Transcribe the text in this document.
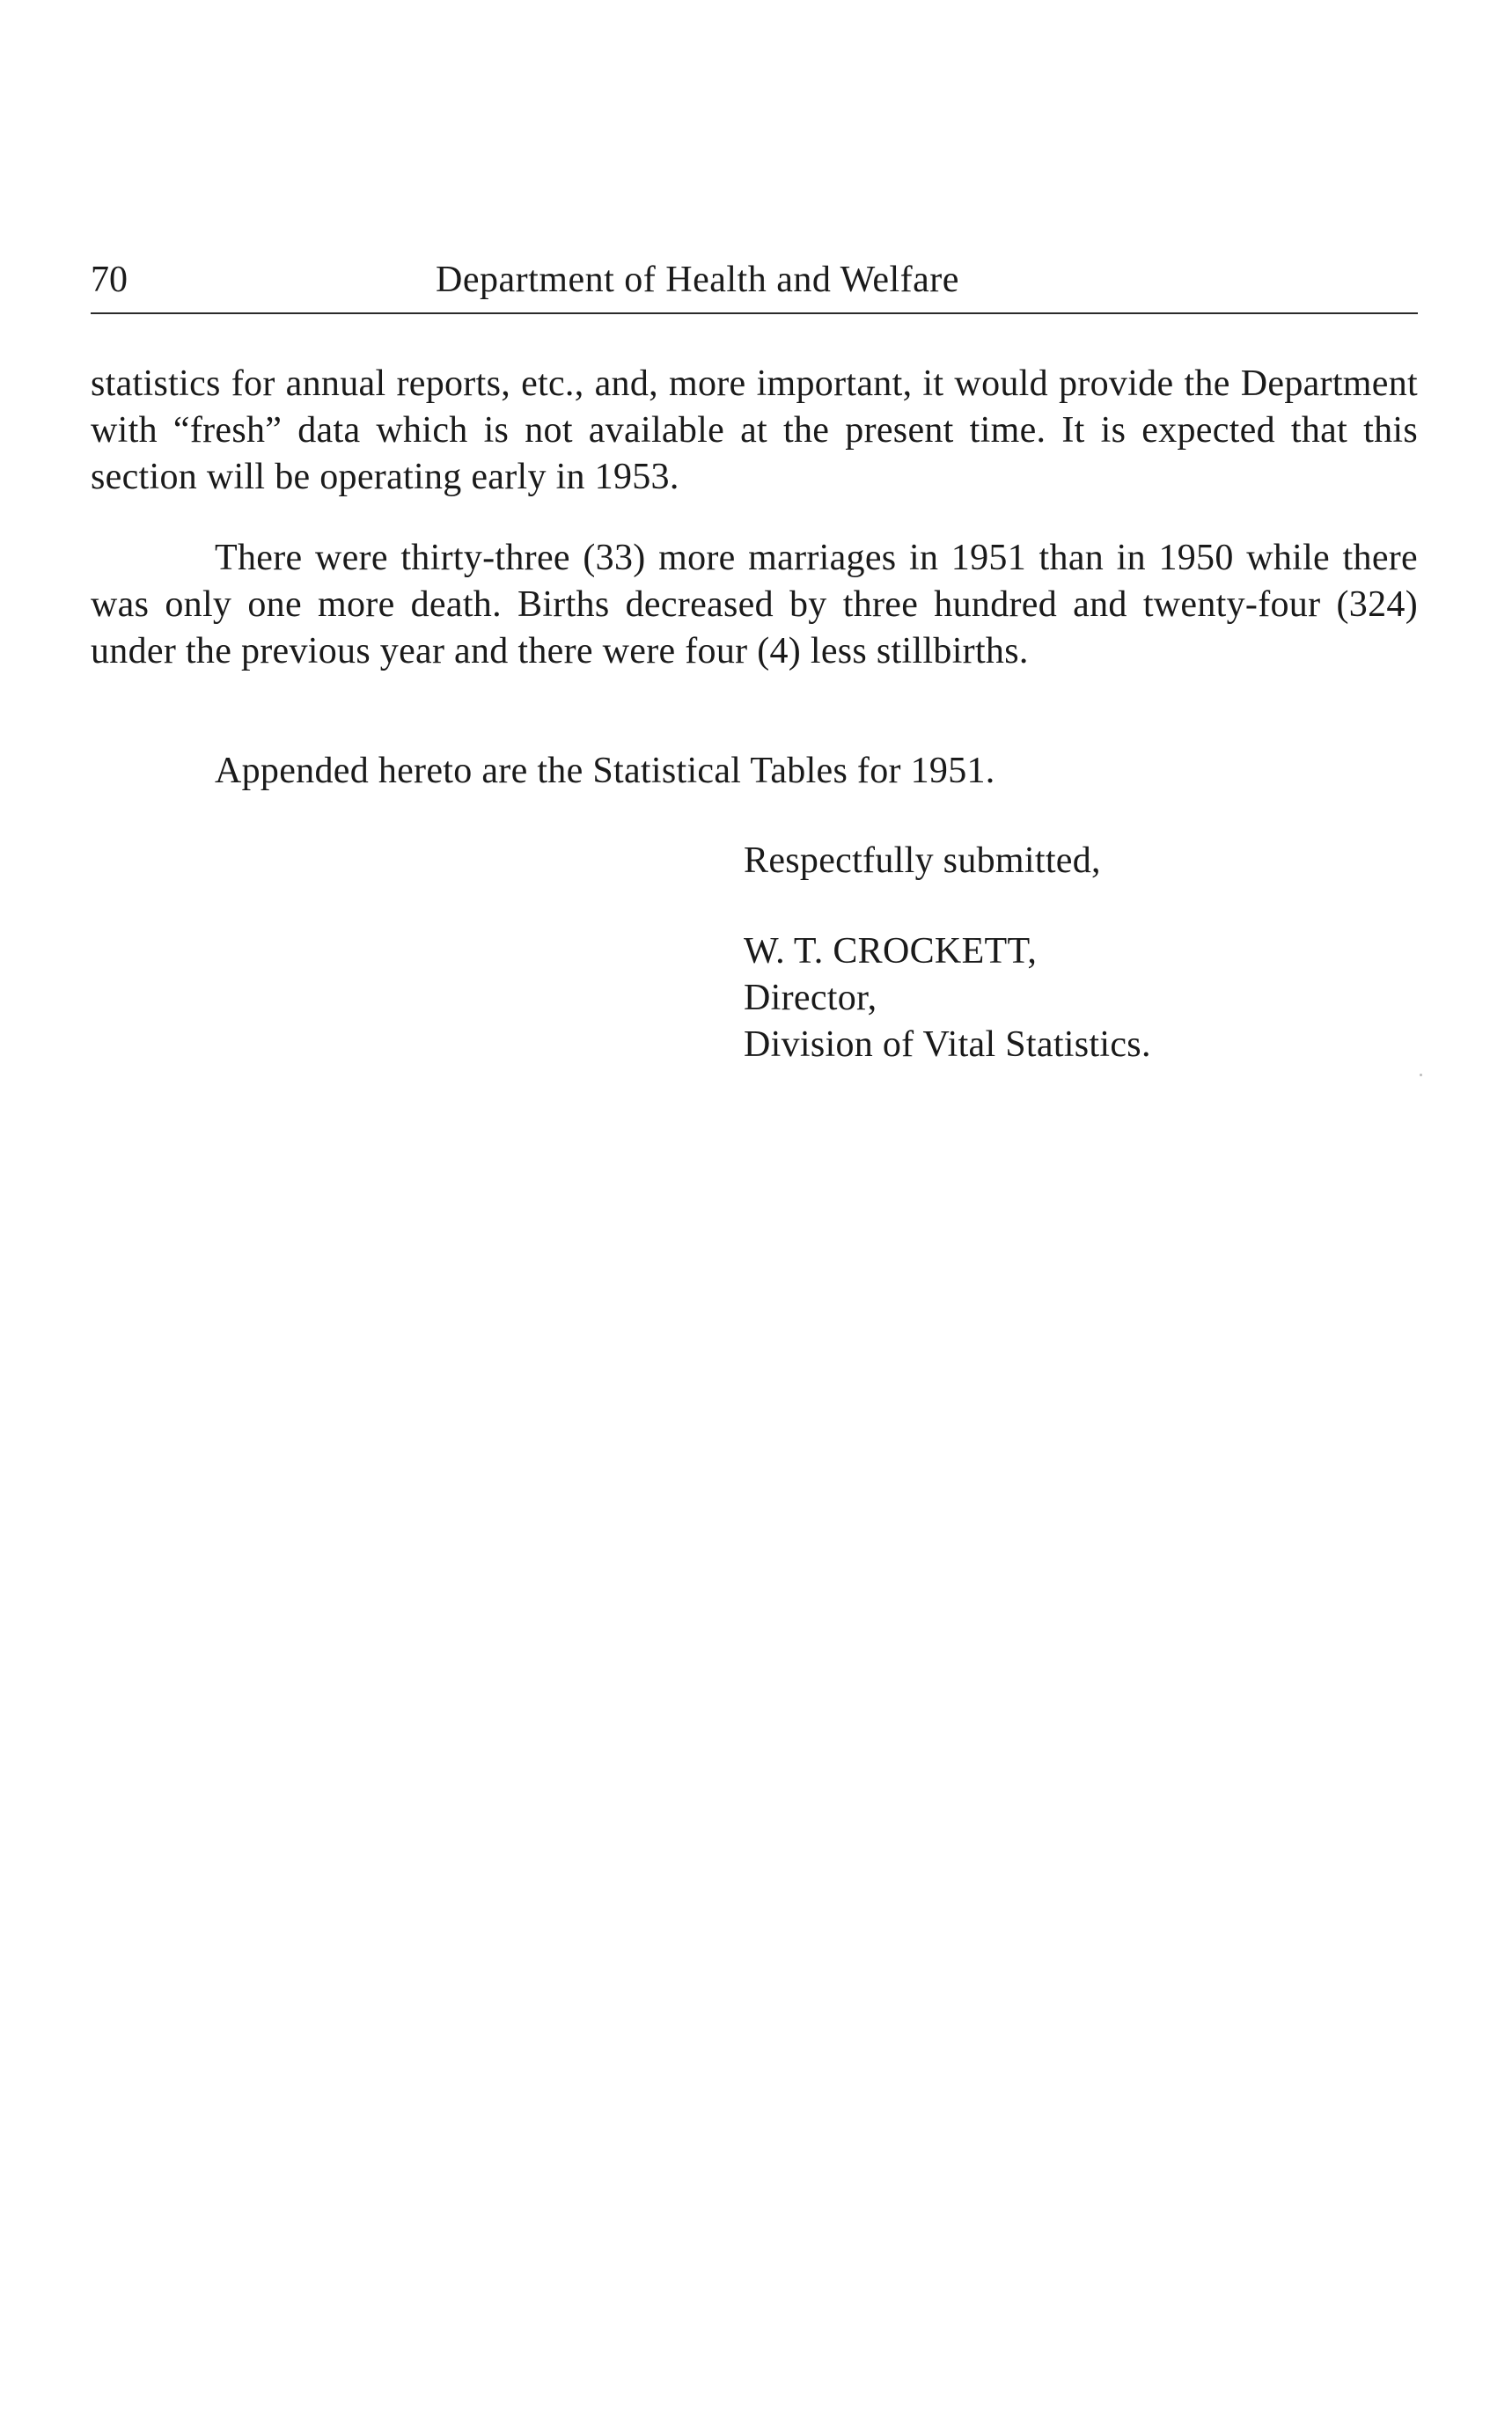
70	Department of Health and Welfare

statistics for annual reports, etc., and, more important, it would provide the Department with “fresh” data which is not available at the present time. It is expected that this section will be operating early in 1953.

There were thirty-three (33) more marriages in 1951 than in 1950 while there was only one more death. Births decreased by three hundred and twenty-four (324) under the previous year and there were four (4) less stillbirths.

Appended hereto are the Statistical Tables for 1951.

Respectfully submitted,

W. T. CROCKETT,

Director,

Division of Vital Statistics.
